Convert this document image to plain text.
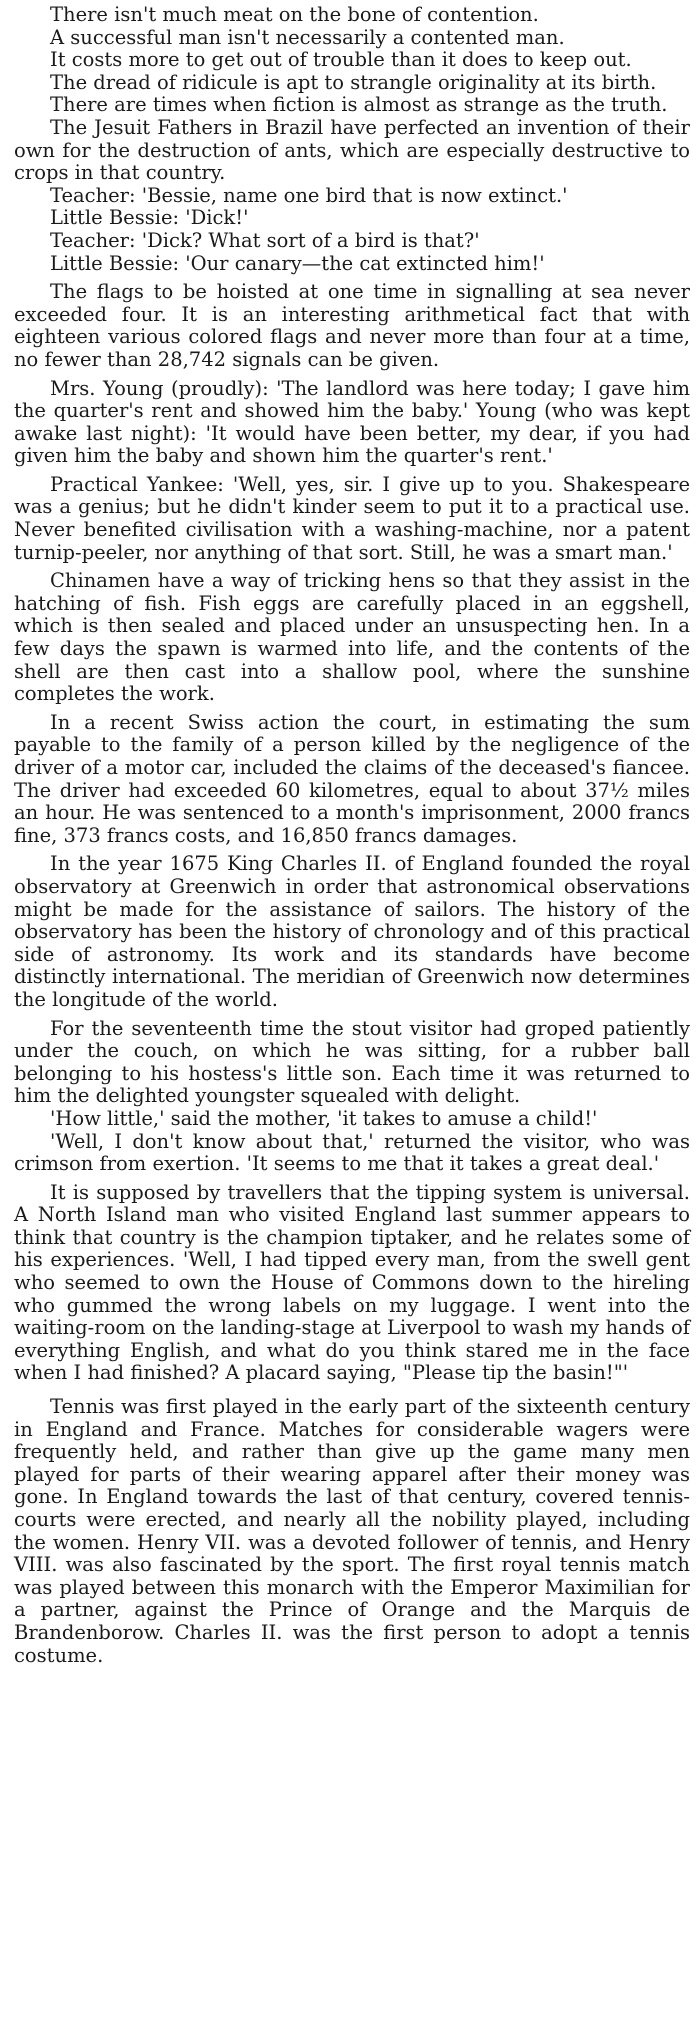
There isn't much meat on the bone of contention.

A successful man isn't necessarily a contented man.

It costs more to get out of trouble than it does to keep out.

The dread of ridicule is apt to strangle originality at its birth.

There are times when fiction is almost as strange as the truth.

The Jesuit Fathers in Brazil have perfected an invention of their own for the destruction of ants, which are especially destructive to crops in that country.

Teacher: 'Bessie, name one bird that is now extinct.'
Little Bessie: 'Dick!'
Teacher: 'Dick? What sort of a bird is that?'
Little Bessie: 'Our canary—the cat extincted him!'

The flags to be hoisted at one time in signalling at sea never exceeded four. It is an interesting arithmetical fact that with eighteen various colored flags and never more than four at a time, no fewer than 28,742 signals can be given.

Mrs. Young (proudly): 'The landlord was here today; I gave him the quarter's rent and showed him the baby.' Young (who was kept awake last night): 'It would have been better, my dear, if you had given him the baby and shown him the quarter's rent.'

Practical Yankee: 'Well, yes, sir. I give up to you. Shakespeare was a genius; but he didn't kinder seem to put it to a practical use. Never benefited civilisation with a washing-machine, nor a patent turnip-peeler, nor anything of that sort. Still, he was a smart man.'

Chinamen have a way of tricking hens so that they assist in the hatching of fish. Fish eggs are carefully placed in an eggshell, which is then sealed and placed under an unsuspecting hen. In a few days the spawn is warmed into life, and the contents of the shell are then cast into a shallow pool, where the sunshine completes the work.

In a recent Swiss action the court, in estimating the sum payable to the family of a person killed by the negligence of the driver of a motor car, included the claims of the deceased's fiancee. The driver had exceeded 60 kilometres, equal to about 37½ miles an hour. He was sentenced to a month's imprisonment, 2000 francs fine, 373 francs costs, and 16,850 francs damages.

In the year 1675 King Charles II. of England founded the royal observatory at Greenwich in order that astronomical observations might be made for the assistance of sailors. The history of the observatory has been the history of chronology and of this practical side of astronomy. Its work and its standards have become distinctly international. The meridian of Greenwich now determines the longitude of the world.

For the seventeenth time the stout visitor had groped patiently under the couch, on which he was sitting, for a rubber ball belonging to his hostess's little son. Each time it was returned to him the delighted youngster squealed with delight.

'How little,' said the mother, 'it takes to amuse a child!'

'Well, I don't know about that,' returned the visitor, who was crimson from exertion. 'It seems to me that it takes a great deal.'

It is supposed by travellers that the tipping system is universal. A North Island man who visited England last summer appears to think that country is the champion tiptaker, and he relates some of his experiences. 'Well, I had tipped every man, from the swell gent who seemed to own the House of Commons down to the hireling who gummed the wrong labels on my luggage. I went into the waiting-room on the landing-stage at Liverpool to wash my hands of everything English, and what do you think stared me in the face when I had finished? A placard saying, "Please tip the basin!"'

Tennis was first played in the early part of the sixteenth century in England and France. Matches for considerable wagers were frequently held, and rather than give up the game many men played for parts of their wearing apparel after their money was gone. In England towards the last of that century, covered tennis-courts were erected, and nearly all the nobility played, including the women. Henry VII. was a devoted follower of tennis, and Henry VIII. was also fascinated by the sport. The first royal tennis match was played between this monarch with the Emperor Maximilian for a partner, against the Prince of Orange and the Marquis de Brandenborow. Charles II. was the first person to adopt a tennis costume.
